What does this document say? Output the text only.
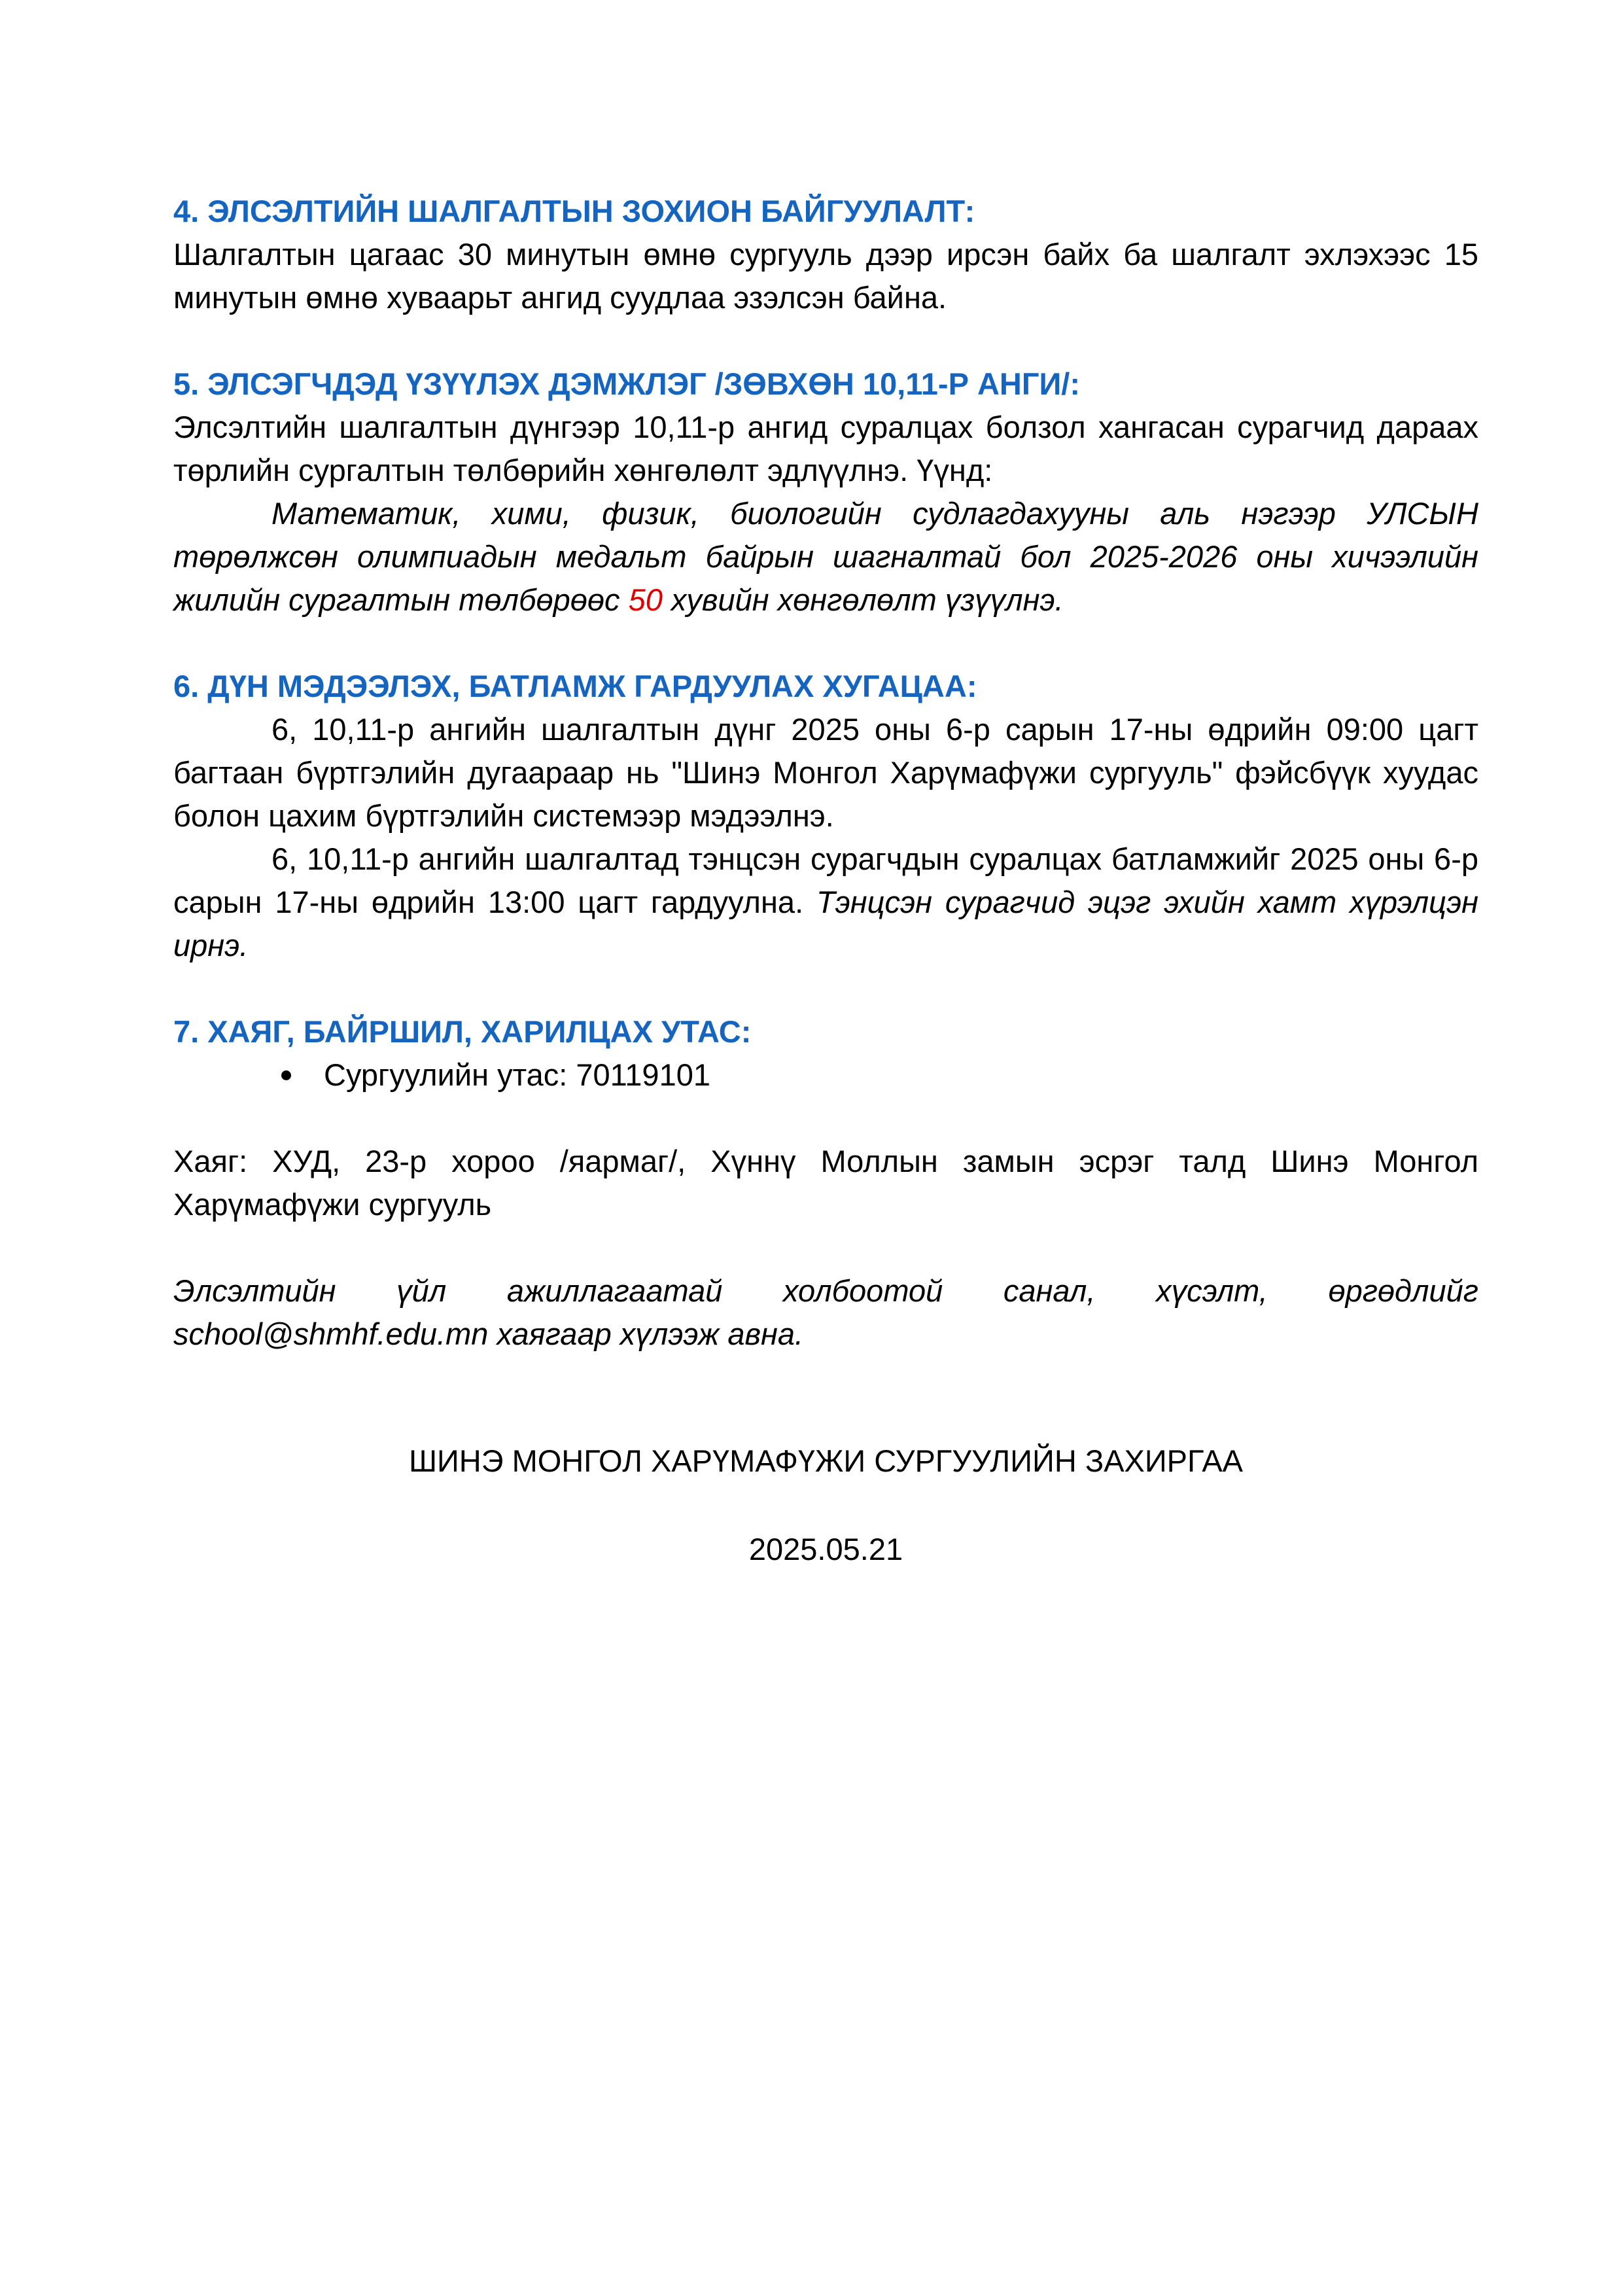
4. ЭЛСЭЛТИЙН ШАЛГАЛТЫН ЗОХИОН БАЙГУУЛАЛТ:

Шалгалтын цагаас 30 минутын өмнө сургууль дээр ирсэн байх ба шалгалт эхлэхээс 15 минутын өмнө хуваарьт ангид суудлаа эзэлсэн байна.

5. ЭЛСЭГЧДЭД ҮЗҮҮЛЭХ ДЭМЖЛЭГ /ЗӨВХӨН 10,11-Р АНГИ/:

Элсэлтийн шалгалтын дүнгээр 10,11-р ангид суралцах болзол хангасан сурагчид дараах төрлийн сургалтын төлбөрийн хөнгөлөлт эдлүүлнэ. Үүнд:

Математик, хими, физик, биологийн судлагдахууны аль нэгээр УЛСЫН төрөлжсөн олимпиадын медальт байрын шагналтай бол 2025-2026 оны хичээлийн жилийн сургалтын төлбөрөөс 50 хувийн хөнгөлөлт үзүүлнэ.

6. ДҮН МЭДЭЭЛЭХ, БАТЛАМЖ ГАРДУУЛАХ ХУГАЦАА:

6, 10,11-р ангийн шалгалтын дүнг 2025 оны 6-р сарын 17-ны өдрийн 09:00 цагт багтаан бүртгэлийн дугаараар нь "Шинэ Монгол Харүмафүжи сургууль" фэйсбүүк хуудас болон цахим бүртгэлийн системээр мэдээлнэ.

6, 10,11-р ангийн шалгалтад тэнцсэн сурагчдын суралцах батламжийг 2025 оны 6-р сарын 17-ны өдрийн 13:00 цагт гардуулна. Тэнцсэн сурагчид эцэг эхийн хамт хүрэлцэн ирнэ.

7. ХАЯГ, БАЙРШИЛ, ХАРИЛЦАХ УТАС:
Сургуулийн утас: 70119101

Хаяг: ХУД, 23-р хороо /яармаг/, Хүннү Моллын замын эсрэг талд Шинэ Монгол Харүмафүжи сургууль

Элсэлтийн үйл ажиллагаатай холбоотой санал, хүсэлт, өргөдлийг

school@shmhf.edu.mn хаягаар хүлээж авна.

ШИНЭ МОНГОЛ ХАРҮМАФҮЖИ СУРГУУЛИЙН ЗАХИРГАА
2025.05.21
